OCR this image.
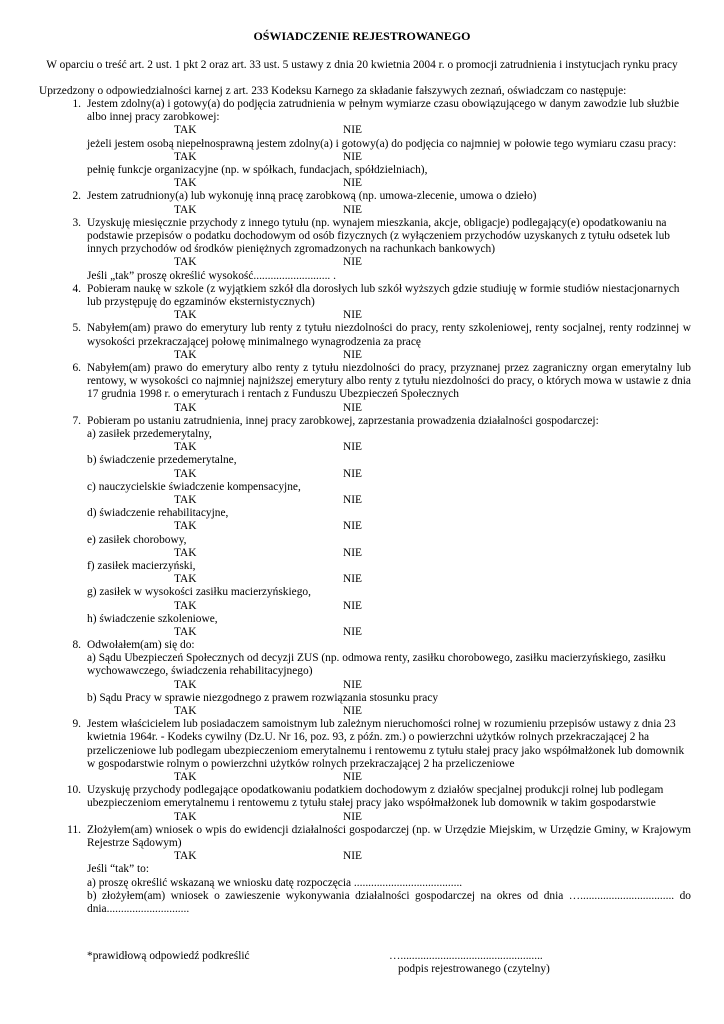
OŚWIADCZENIE REJESTROWANEGO
W oparciu o treść art. 2 ust. 1 pkt 2 oraz art. 33 ust. 5 ustawy z dnia 20 kwietnia 2004 r. o promocji zatrudnienia i instytucjach rynku pracy
Uprzedzony o odpowiedzialności karnej z art. 233 Kodeksu Karnego za składanie fałszywych zeznań, oświadczam co następuje:
1. Jestem zdolny(a) i gotowy(a) do podjęcia zatrudnienia w pełnym wymiarze czasu obowiązującego w danym zawodzie lub służbie albo innej pracy zarobkowej:
TAK	NIE
jeżeli jestem osobą niepełnosprawną jestem zdolny(a) i gotowy(a) do podjęcia co najmniej w połowie tego wymiaru czasu pracy:
TAK	NIE
pełnię funkcje organizacyjne (np. w spółkach, fundacjach, spółdzielniach),
TAK	NIE
2. Jestem zatrudniony(a) lub wykonuję inną pracę zarobkową (np. umowa-zlecenie, umowa o dzieło)
TAK	NIE
3. Uzyskuję miesięcznie przychody z innego tytułu (np. wynajem mieszkania, akcje, obligacje) podlegający(e) opodatkowaniu na podstawie przepisów o podatku dochodowym od osób fizycznych (z wyłączeniem przychodów uzyskanych z tytułu odsetek lub innych przychodów od środków pieniężnych zgromadzonych na rachunkach bankowych)
TAK	NIE
Jeśli „tak” proszę określić wysokość........................... .
4. Pobieram naukę w szkole (z wyjątkiem szkół dla dorosłych lub szkół wyższych gdzie studiuję w formie studiów niestacjonarnych lub przystępuję do egzaminów eksternistycznych)
TAK	NIE
5. Nabyłem(am) prawo do emerytury lub renty z tytułu niezdolności do pracy, renty szkoleniowej, renty socjalnej, renty rodzinnej w wysokości przekraczającej połowę minimalnego wynagrodzenia za pracę
TAK	NIE
6. Nabyłem(am) prawo do emerytury albo renty z tytułu niezdolności do pracy, przyznanej przez zagraniczny organ emerytalny lub rentowy, w wysokości co najmniej najniższej emerytury albo renty z tytułu niezdolności do pracy, o których mowa w ustawie z dnia 17 grudnia 1998 r. o emeryturach i rentach z Funduszu Ubezpieczeń Społecznych
TAK	NIE
7. Pobieram po ustaniu zatrudnienia, innej pracy zarobkowej, zaprzestania prowadzenia działalności gospodarczej:
a) zasiłek przedemerytalny,
TAK	NIE
b) świadczenie przedemerytalne,
TAK	NIE
c) nauczycielskie świadczenie kompensacyjne,
TAK	NIE
d) świadczenie rehabilitacyjne,
TAK	NIE
e) zasiłek chorobowy,
TAK	NIE
f) zasiłek macierzyński,
TAK	NIE
g) zasiłek w wysokości zasiłku macierzyńskiego,
TAK	NIE
h) świadczenie szkoleniowe,
TAK	NIE
8. Odwołałem(am) się do:
a) Sądu Ubezpieczeń Społecznych od decyzji ZUS (np. odmowa renty, zasiłku chorobowego, zasiłku macierzyńskiego, zasiłku wychowawczego, świadczenia rehabilitacyjnego)
TAK	NIE
b) Sądu Pracy w sprawie niezgodnego z prawem rozwiązania stosunku pracy
TAK	NIE
9. Jestem właścicielem lub posiadaczem samoistnym lub zależnym nieruchomości rolnej w rozumieniu przepisów ustawy z dnia 23 kwietnia 1964r. - Kodeks cywilny (Dz.U. Nr 16, poz. 93, z późn. zm.) o powierzchni użytków rolnych przekraczającej 2 ha przeliczeniowe lub podlegam ubezpieczeniom emerytalnemu i rentowemu z tytułu stałej pracy jako współmałżonek lub domownik w gospodarstwie rolnym o powierzchni użytków rolnych przekraczającej 2 ha przeliczeniowe
TAK	NIE
10. Uzyskuję przychody podlegające opodatkowaniu podatkiem dochodowym z działów specjalnej produkcji rolnej lub podlegam ubezpieczeniom emerytalnemu i rentowemu z tytułu stałej pracy jako współmałżonek lub domownik w takim gospodarstwie
TAK	NIE
11. Złożyłem(am) wniosek o wpis do ewidencji działalności gospodarczej (np. w Urzędzie Miejskim, w Urzędzie Gminy, w Krajowym Rejestrze Sądowym)
TAK	NIE
Jeśli “tak” to:
a) proszę określić wskazaną we wniosku datę rozpoczęcia ......................................
b) złożyłem(am) wniosek o zawieszenie wykonywania działalności gospodarczej na okres od dnia …................................. do dnia.............................
*prawidłową odpowiedź podkreślić	…..................................................
podpis rejestrowanego (czytelny)
